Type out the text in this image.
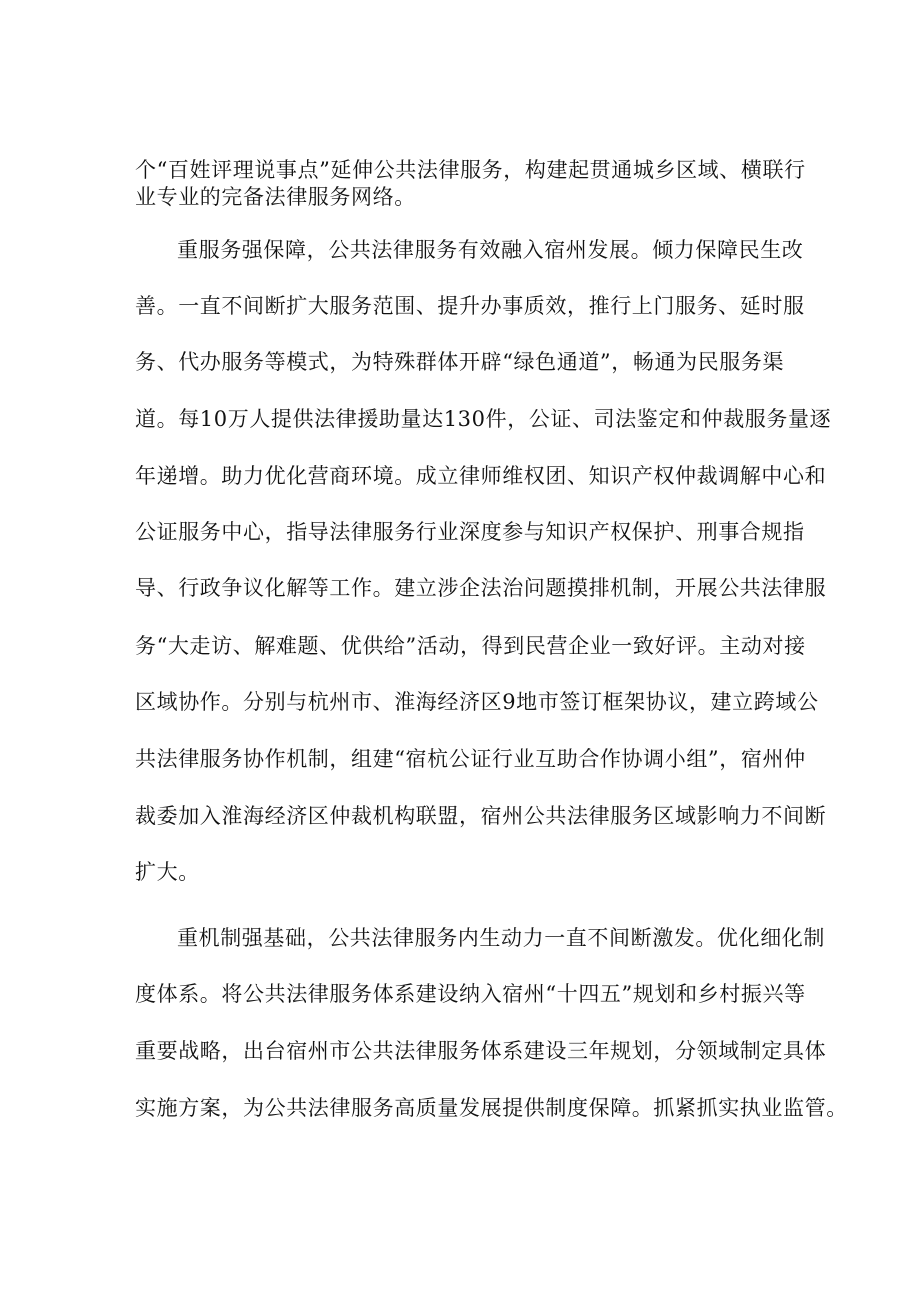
个“百姓评理说事点”延伸公共法律服务，构建起贯通城乡区域、横联行
业专业的完备法律服务网络。
重服务强保障，公共法律服务有效融入宿州发展。倾力保障民生改
善。一直不间断扩大服务范围、提升办事质效，推行上门服务、延时服
务、代办服务等模式，为特殊群体开辟“绿色通道”，畅通为民服务渠
道。每10万人提供法律援助量达130件，公证、司法鉴定和仲裁服务量逐
年递增。助力优化营商环境。成立律师维权团、知识产权仲裁调解中心和
公证服务中心，指导法律服务行业深度参与知识产权保护、刑事合规指
导、行政争议化解等工作。建立涉企法治问题摸排机制，开展公共法律服
务“大走访、解难题、优供给”活动，得到民营企业一致好评。主动对接
区域协作。分别与杭州市、淮海经济区9地市签订框架协议，建立跨域公
共法律服务协作机制，组建“宿杭公证行业互助合作协调小组”，宿州仲
裁委加入淮海经济区仲裁机构联盟，宿州公共法律服务区域影响力不间断
扩大。
重机制强基础，公共法律服务内生动力一直不间断激发。优化细化制
度体系。将公共法律服务体系建设纳入宿州“十四五”规划和乡村振兴等
重要战略，出台宿州市公共法律服务体系建设三年规划，分领域制定具体
实施方案，为公共法律服务高质量发展提供制度保障。抓紧抓实执业监管。
